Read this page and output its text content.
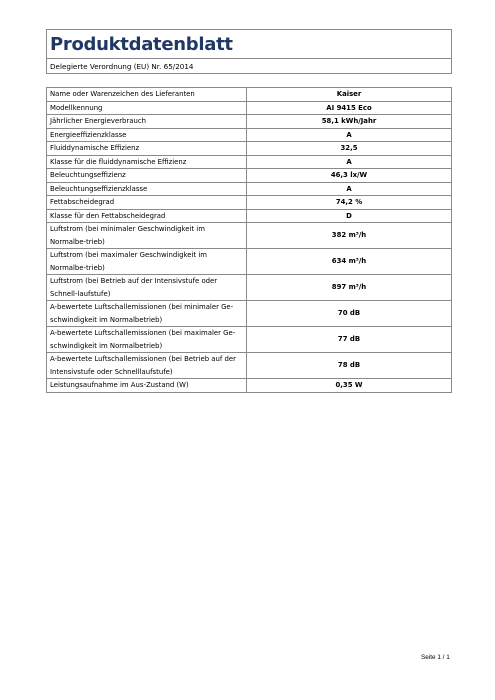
Produktdatenblatt
Delegierte Verordnung (EU) Nr. 65/2014
Name oder Warenzeichen des Lieferanten	Kaiser
Modellkennung	AI 9415 Eco
Jährlicher Energieverbrauch	58,1 kWh/Jahr
Energieeffizienzklasse	A
Fluiddynamische Effizienz	32,5
Klasse für die fluiddynamische Effizienz	A
Beleuchtungseffizienz	46,3 lx/W
Beleuchtungseffizienzklasse	A
Fettabscheidegrad	74,2 %
Klasse für den Fettabscheidegrad	D
Luftstrom (bei minimaler Geschwindigkeit im Normalbe-trieb)	382 m³/h
Luftstrom (bei maximaler Geschwindigkeit im Normalbe-trieb)	634 m³/h
Luftstrom (bei Betrieb auf der Intensivstufe oder Schnell-laufstufe)	897 m³/h
A-bewertete Luftschallemissionen (bei minimaler Ge-schwindigkeit im Normalbetrieb)	70 dB
A-bewertete Luftschallemissionen (bei maximaler Ge-schwindigkeit im Normalbetrieb)	77 dB
A-bewertete Luftschallemissionen (bei Betrieb auf der Intensivstufe oder Schnelllaufstufe)	78 dB
Leistungsaufnahme im Aus-Zustand (W)	0,35 W
Seite 1 / 1
